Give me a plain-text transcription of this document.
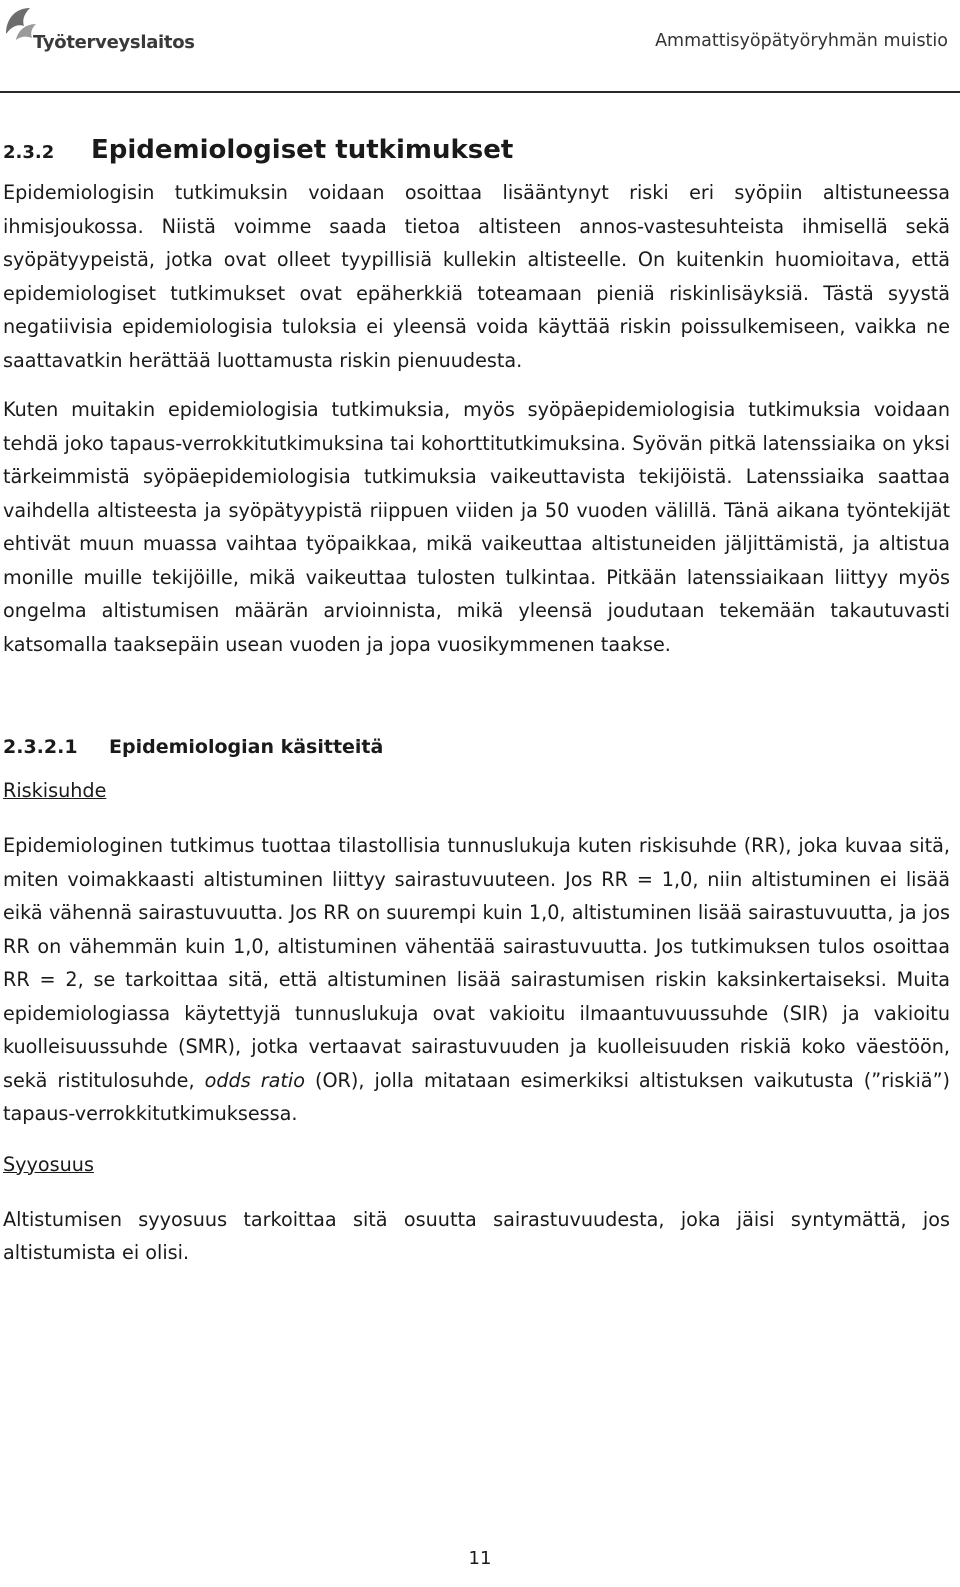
Työterveyslaitos	Ammattisyöpätyöryhmän muistio
2.3.2 Epidemiologiset tutkimukset

Epidemiologisin tutkimuksin voidaan osoittaa lisääntynyt riski eri syöpiin altistuneessa ihmisjoukossa. Niistä voimme saada tietoa altisteen annos-vastesuhteista ihmisellä sekä syöpätyypeistä, jotka ovat olleet tyypillisiä kullekin altisteelle. On kuitenkin huomioitava, että epidemiologiset tutkimukset ovat epäherkkiä toteamaan pieniä riskinlisäyksiä. Tästä syystä negatiivisia epidemiologisia tuloksia ei yleensä voida käyttää riskin poissulkemiseen, vaikka ne saattavatkin herättää luottamusta riskin pienuudesta.

Kuten muitakin epidemiologisia tutkimuksia, myös syöpäepidemiologisia tutkimuksia voidaan tehdä joko tapaus-verrokkitutkimuksina tai kohorttitutkimuksina. Syövän pitkä latenssiaika on yksi tärkeimmistä syöpäepidemiologisia tutkimuksia vaikeuttavista tekijöistä. Latenssiaika saattaa vaihdella altisteesta ja syöpätyypistä riippuen viiden ja 50 vuoden välillä. Tänä aikana työntekijät ehtivät muun muassa vaihtaa työpaikkaa, mikä vaikeuttaa altistuneiden jäljittämistä, ja altistua monille muille tekijöille, mikä vaikeuttaa tulosten tulkintaa. Pitkään latenssiaikaan liittyy myös ongelma altistumisen määrän arvioinnista, mikä yleensä joudutaan tekemään takautuvasti katsomalla taaksepäin usean vuoden ja jopa vuosikymmenen taakse.

2.3.2.1 Epidemiologian käsitteitä
Riskisuhde

Epidemiologinen tutkimus tuottaa tilastollisia tunnuslukuja kuten riskisuhde (RR), joka kuvaa sitä, miten voimakkaasti altistuminen liittyy sairastuvuuteen. Jos RR = 1,0, niin altistuminen ei lisää eikä vähennä sairastuvuutta. Jos RR on suurempi kuin 1,0, altistuminen lisää sairastuvuutta, ja jos RR on vähemmän kuin 1,0, altistuminen vähentää sairastuvuutta. Jos tutkimuksen tulos osoittaa RR = 2, se tarkoittaa sitä, että altistuminen lisää sairastumisen riskin kaksinkertaiseksi. Muita epidemiologiassa käytettyjä tunnuslukuja ovat vakioitu ilmaantuvuussuhde (SIR) ja vakioitu kuolleisuussuhde (SMR), jotka vertaavat sairastuvuuden ja kuolleisuuden riskiä koko väestöön, sekä ristitulosuhde, odds ratio (OR), jolla mitataan esimerkiksi altistuksen vaikutusta (”riskiä”) tapaus-verrokkitutkimuksessa.

Syyosuus

Altistumisen syyosuus tarkoittaa sitä osuutta sairastuvuudesta, joka jäisi syntymättä, jos altistumista ei olisi.

11
